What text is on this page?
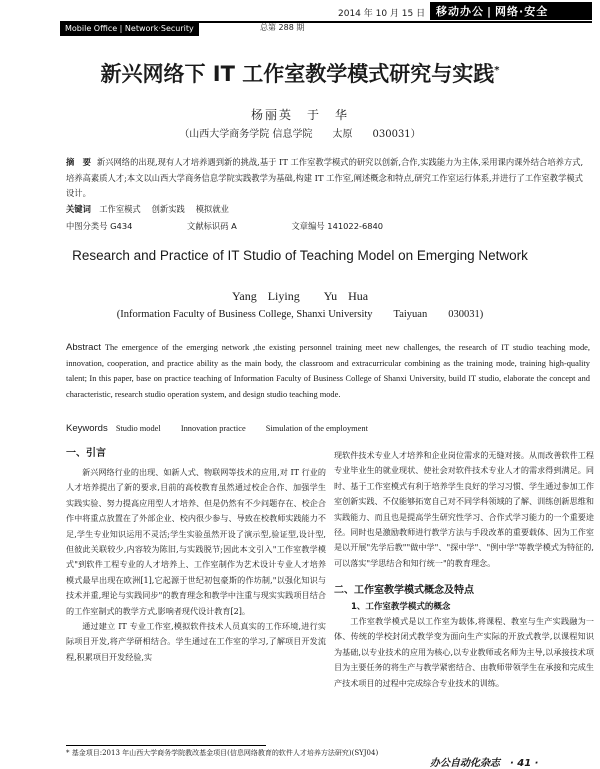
2014 年 10 月 15 日 移动办公 | 网络·安全
Mobile Office | Network·Security	总第 288 期
新兴网络下 IT 工作室教学模式研究与实践*
杨丽英　于　华
（山西大学商务学院 信息学院　　太原　　030031）
摘　要 新兴网络的出现,现有人才培养遇到新的挑战,基于 IT 工作室教学模式的研究以创新,合作,实践能力为主体,采用课内课外结合培养方式,培养高素质人才;本文以山西大学商务信息学院实践教学为基础,构建 IT 工作室,阐述概念和特点,研究工作室运行体系,并进行了工作室教学模式设计。
关键词　 工作室模式　 创新实践　 模拟就业
中图分类号 G434	文献标识码 A	文章编号 141022-6840
Research and Practice of IT Studio of Teaching Model on Emerging Network
Yang Liying　　Yu Hua
(Information Faculty of Business College, Shanxi University　　Taiyuan　　030031)
Abstract The emergence of the emerging network ,the existing personnel training meet new challenges, the research of IT studio teaching mode, innovation, cooperation, and practice ability as the main body, the classroom and extracurricular combining as the training mode, training high-quality talent; In this paper, base on practice teaching of Information Faculty of Business College of Shanxi University, build IT studio, elaborate the concept and characteristic, research studio operation system, and design studio teaching mode.
Keywords Studio model Innovation practice Simulation of the employment
一、引言

新兴网络行业的出现、如新人式、物联网等技术的应用,对 IT 行业的人才培养提出了新的要求,目前的高校教育虽然通过校企合作、加强学生实践实验、努力提高应用型人才培养、但是仍然有不少问题存在、校企合作中将重点放置在了外部企业、校内很少参与、导致在校教师实践能力不足,学生专业知识运用不灵活;学生实验虽然开设了演示型,验证型,设计型,但彼此关联较少,内容较为陈旧,与实践脱节;因此本文引入"工作室教学模式"到软件工程专业的人才培养上、工作室制作为艺术设计专业人才培养模式最早出现在欧洲[1],它起源于世纪初包豪斯的作坊制,"以强化知识与技术并重,理论与实践同步"的教育理念和教学中注重与现实实践项目结合的工作室制式的教学方式,影响者现代设计教育[2]。

通过建立 IT 专业工作室,模拟软件技术人员真实的工作环境,进行实际项目开发,将产学研相结合。学生通过在工作室的学习,了解项目开发流程,积累项目开发经验,实

现软件技术专业人才培养和企业岗位需求的无缝对接。从而改善软件工程专业毕业生的就业现状、使社会对软件技术专业人才的需求得到满足。同时、基于工作室模式有利于培养学生良好的学习习惯、学生通过参加工作室创新实践、不仅能够拓宽自己对不同学科领域的了解、训练创新思维和实践能力、而且也是提高学生研究性学习、合作式学习能力的一个重要途径。同时也是激励教师进行教学方法与手段改革的重要载体、因为工作室是以开展"先学后教""做中学"、"探中学"、"例中学"等教学模式为特征的,可以落实"学思结合和知行统一"的教育理念。

二、工作室教学模式概念及特点
1、工作室教学模式的概念

工作室教学模式是以工作室为载体,将课程、教室与生产实践融为一体、传统的学校封闭式教学变为面向生产实际的开放式教学,以课程知识为基础,以专业技术的应用为核心,以专业教师或名师为主导,以承接技术项目为主要任务的将生产与教学紧密结合、由教师带领学生在承接和完成生产技术项目的过程中完成综合专业技术的训练。

* 基金项目:2013 年山西大学商务学院教改基金项目(信息网络教育的软件人才培养方法研究)(SYJ04)
办公自动化杂志　· 41 ·
